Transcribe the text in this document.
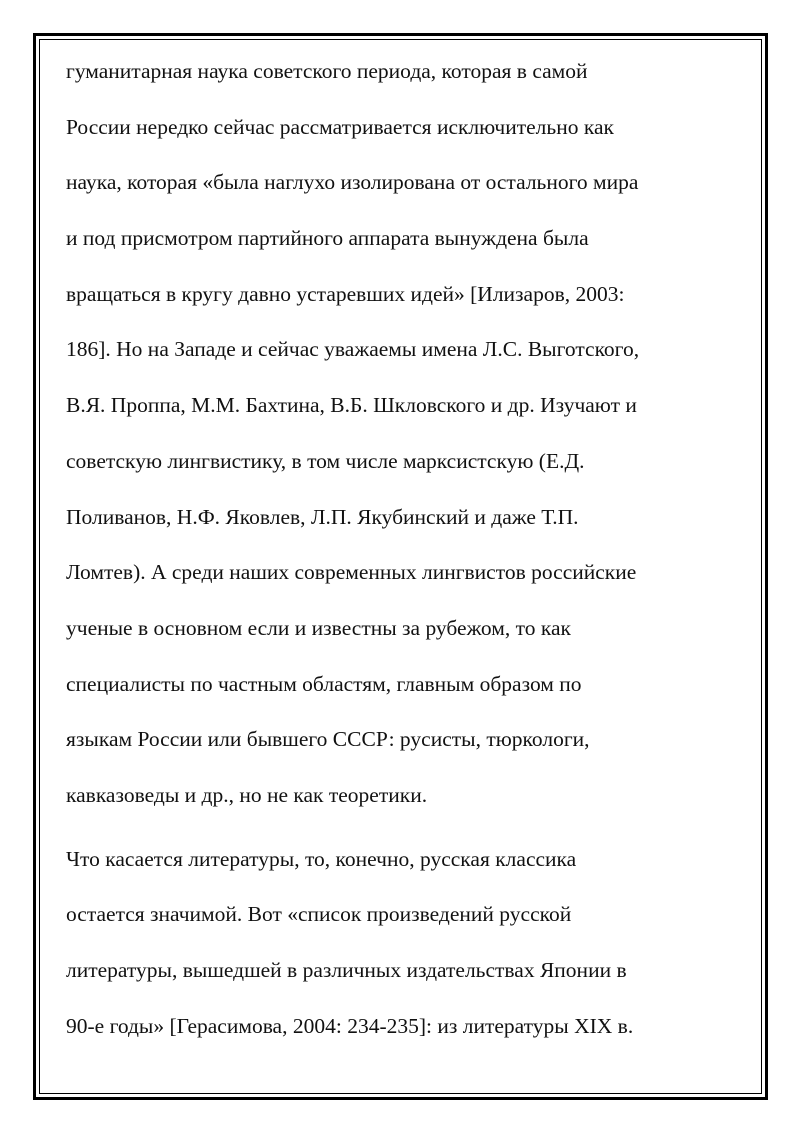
гуманитарная наука советского периода, которая в самой
России нередко сейчас рассматривается исключительно как
наука, которая «была наглухо изолирована от остального мира
и под присмотром партийного аппарата вынуждена была
вращаться в кругу давно устаревших идей» [Илизаров, 2003:
186]. Но на Западе и сейчас уважаемы имена Л.С. Выготского,
В.Я. Проппа, М.М. Бахтина, В.Б. Шкловского и др. Изучают и
советскую лингвистику, в том числе марксистскую (Е.Д.
Поливанов, Н.Ф. Яковлев, Л.П. Якубинский и даже Т.П.
Ломтев). А среди наших современных лингвистов российские
ученые в основном если и известны за рубежом, то как
специалисты по частным областям, главным образом по
языкам России или бывшего СССР: русисты, тюркологи,
кавказоведы и др., но не как теоретики.
Что касается литературы, то, конечно, русская классика
остается значимой. Вот «список произведений русской
литературы, вышедшей в различных издательствах Японии в
90-е годы» [Герасимова, 2004: 234-235]: из литературы XIX в.
